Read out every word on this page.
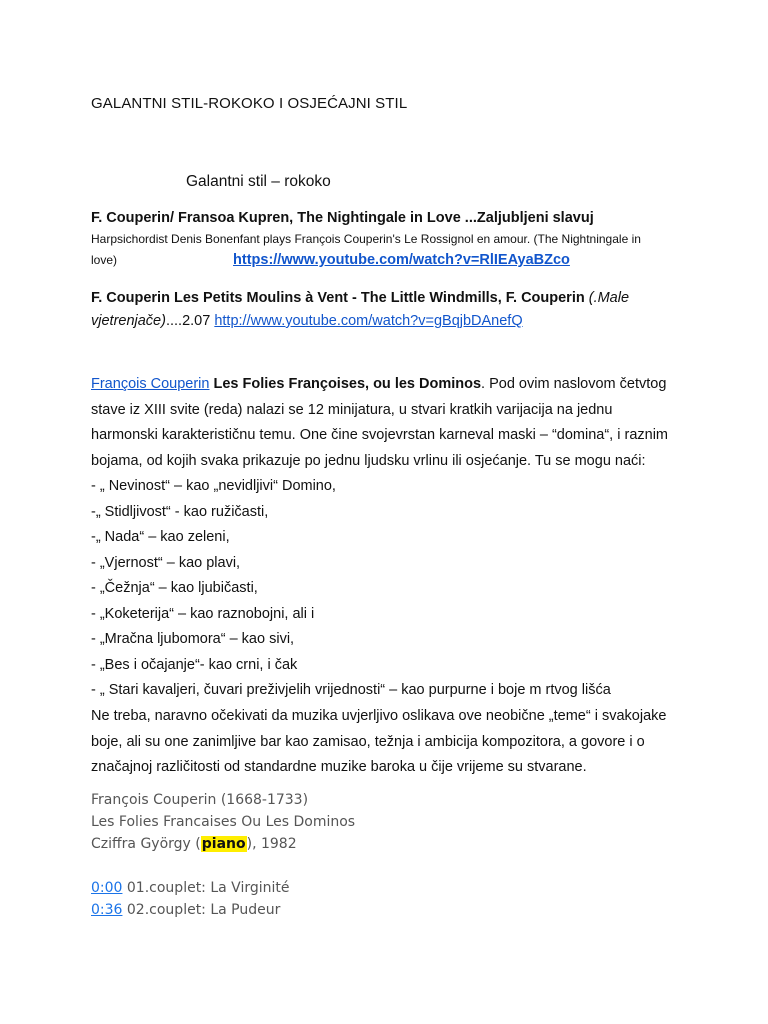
GALANTNI STIL-ROKOKO I OSJEĆAJNI STIL
Galantni stil – rokoko
F. Couperin/ Fransoa Kupren, The Nightingale in Love ...Zaljubljeni slavuj
Harpsichordist Denis Bonenfant plays François Couperin's Le Rossignol en amour. (The Nightningale in
love)	https://www.youtube.com/watch?v=RlIEAyaBZco
F. Couperin Les Petits Moulins à Vent - The Little Windmills, F. Couperin (.Male
vjetrenjače)....2.07 http://www.youtube.com/watch?v=gBqjbDAnefQ
François Couperin Les Folies Françoises, ou les Dominos. Pod ovim naslovom četvtog stave iz XIII svite (reda) nalazi se 12 minijatura, u stvari kratkih varijacija na jednu harmonski karakterističnu temu. One čine svojevrstan karneval maski – “domina“, i raznim bojama, od kojih svaka prikazuje po jednu ljudsku vrlinu ili osjećanje. Tu se mogu naći:
- „ Nevinost“ – kao „nevidljivi“ Domino,
-„ Stidljivost“ - kao ružičasti,
-„ Nada“ – kao zeleni,
- „Vjernost“ – kao plavi,
- „Čežnja“ – kao ljubičasti,
- „Koketerija“ – kao raznobojni, ali i
- „Mračna ljubomora“ – kao sivi,
- „Bes i očajanje“- kao crni, i čak
- „ Stari kavaljeri, čuvari preživjelih vrijednosti“ – kao purpurne i boje m rtvog lišća
Ne treba, naravno očekivati da muzika uvjerljivo oslikava ove neobične „teme“ i svakojake
boje, ali su one zanimljive bar kao zamisao, težnja i ambicija kompozitora, a govore i o
značajnoj različitosti od standardne muzike baroka u čije vrijeme su stvarane.
François Couperin (1668-1733)
Les Folies Francaises Ou Les Dominos
Cziffra György (piano), 1982
0:00 01.couplet: La Virginité
0:36 02.couplet: La Pudeur
